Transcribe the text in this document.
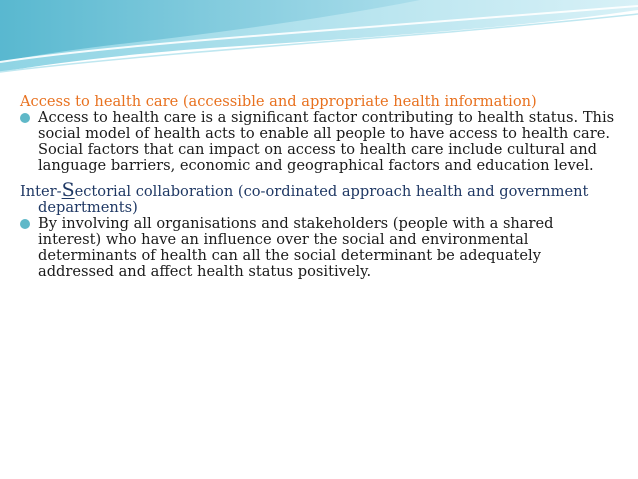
Access to health care (accessible and appropriate health information)

Access to health care is a significant factor contributing to health status. This social model of health acts to enable all people to have access to health care. Social factors that can impact on access to health care include cultural and language barriers, economic and geographical factors and education level.

Inter-Sectorial collaboration (co-ordinated approach health and government departments)

By involving all organisations and stakeholders (people with a shared interest) who have an influence over the social and environmental determinants of health can all the social determinant be adequately addressed and affect health status positively.
